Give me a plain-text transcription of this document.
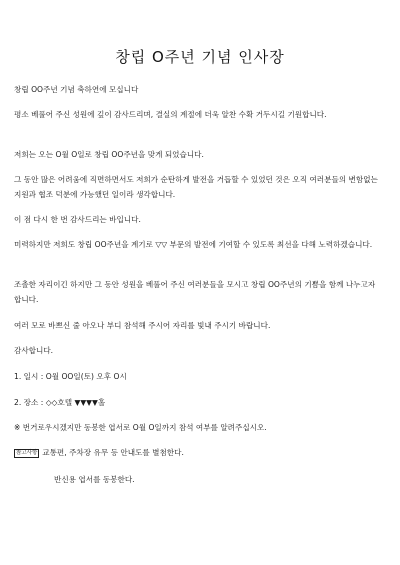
창립 O주년 기념 인사장
창립 OO주년 기념 축하연에 모십니다
평소 베풀어 주신 성원에 깊이 감사드리며, 결실의 계절에 더욱 알찬 수확 거두시길 기원합니다.
저희는 오는 O월 O일로 창립 OO주년을 맞게 되었습니다.
그 동안 많은 어려움에 직면하면서도 저희가 순탄하게 발전을 거듭할 수 있었던 것은 오직 여러분들의 변함없는 지원과 협조 덕분에 가능했던 일이라 생각합니다.
이 점 다시 한 번 감사드리는 바입니다.
미력하지만 저희도 창립 OO주년을 계기로 ▽▽ 부문의 발전에 기여할 수 있도록 최선을 다해 노력하겠습니다.
조촐한 자리이긴 하지만 그 동안 성원을 베풀어 주신 여러분들을 모시고 창립 OO주년의 기쁨을 함께 나누고자 합니다.
여러 모로 바쁘신 줄 아오나 부디 참석해 주시어 자리를 빛내 주시기 바랍니다.
감사합니다.
1. 일시 : O월 OO일(토) 오후 O시
2. 장소 : ◇◇호텔 ▼▼▼▼홀
※ 번거로우시겠지만 동봉한 엽서로 O월 O일까지 참석 여부를 알려주십시오.
참고사항 교통편, 주차장 유무 등 안내도를 별첨한다.
반신용 엽서를 동봉한다.
